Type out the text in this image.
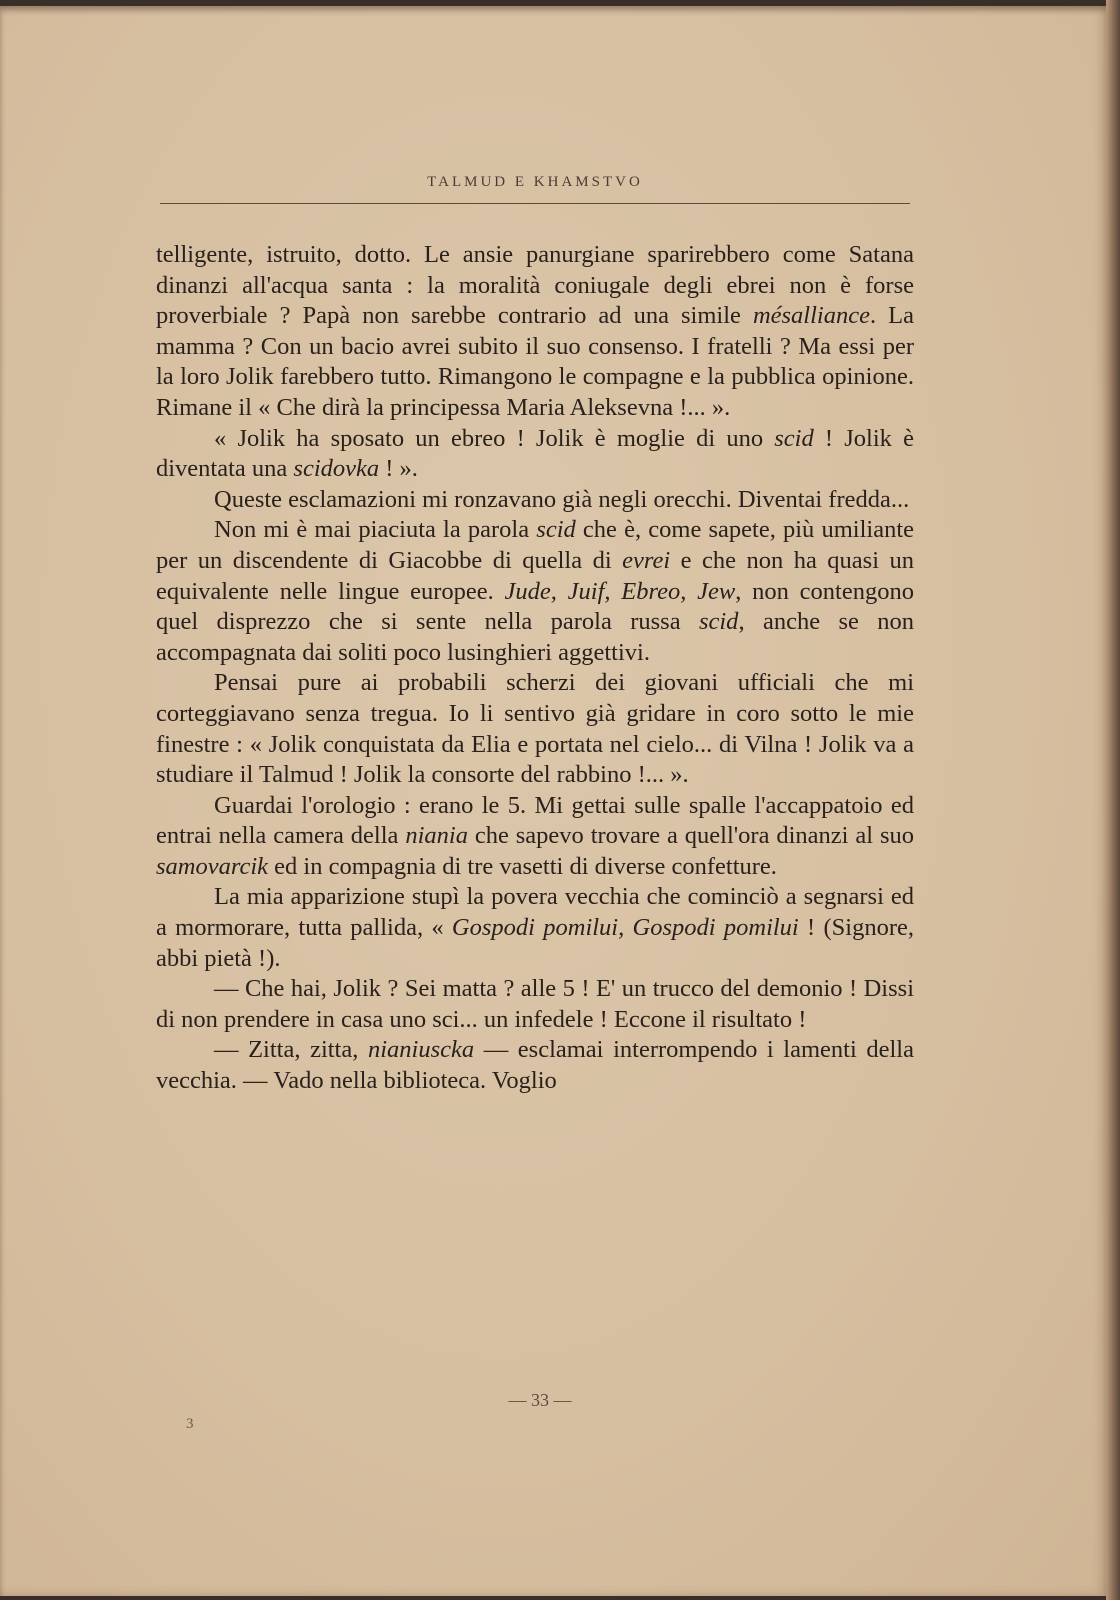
TALMUD E KHAMSTVO

telligente, istruito, dotto. Le ansie panurgiane sparirebbero come Satana dinanzi all'acqua santa : la moralità coniugale degli ebrei non è forse proverbiale ? Papà non sarebbe contrario ad una simile mésalliance. La mamma ? Con un bacio avrei subito il suo consenso. I fratelli ? Ma essi per la loro Jolik farebbero tutto. Rimangono le compagne e la pubblica opinione. Rimane il « Che dirà la principessa Maria Aleksevna !... ».

« Jolik ha sposato un ebreo ! Jolik è moglie di uno scid ! Jolik è diventata una scidovka ! ».

Queste esclamazioni mi ronzavano già negli orecchi. Diventai fredda...

Non mi è mai piaciuta la parola scid che è, come sapete, più umiliante per un discendente di Giacobbe di quella di evrei e che non ha quasi un equivalente nelle lingue europee. Jude, Juif, Ebreo, Jew, non contengono quel disprezzo che si sente nella parola russa scid, anche se non accompagnata dai soliti poco lusinghieri aggettivi.

Pensai pure ai probabili scherzi dei giovani ufficiali che mi corteggiavano senza tregua. Io li sentivo già gridare in coro sotto le mie finestre : « Jolik conquistata da Elia e portata nel cielo... di Vilna ! Jolik va a studiare il Talmud ! Jolik la consorte del rabbino !... ».

Guardai l'orologio : erano le 5. Mi gettai sulle spalle l'accappatoio ed entrai nella camera della niania che sapevo trovare a quell'ora dinanzi al suo samovarcik ed in compagnia di tre vasetti di diverse confetture.

La mia apparizione stupì la povera vecchia che cominciò a segnarsi ed a mormorare, tutta pallida, « Gospodi pomilui, Gospodi pomilui ! (Signore, abbi pietà !).

— Che hai, Jolik ? Sei matta ? alle 5 ! E' un trucco del demonio ! Dissi di non prendere in casa uno sci... un infedele ! Eccone il risultato !

— Zitta, zitta, nianiuscka — esclamai interrompendo i lamenti della vecchia. — Vado nella biblioteca. Voglio

— 33 —
3
